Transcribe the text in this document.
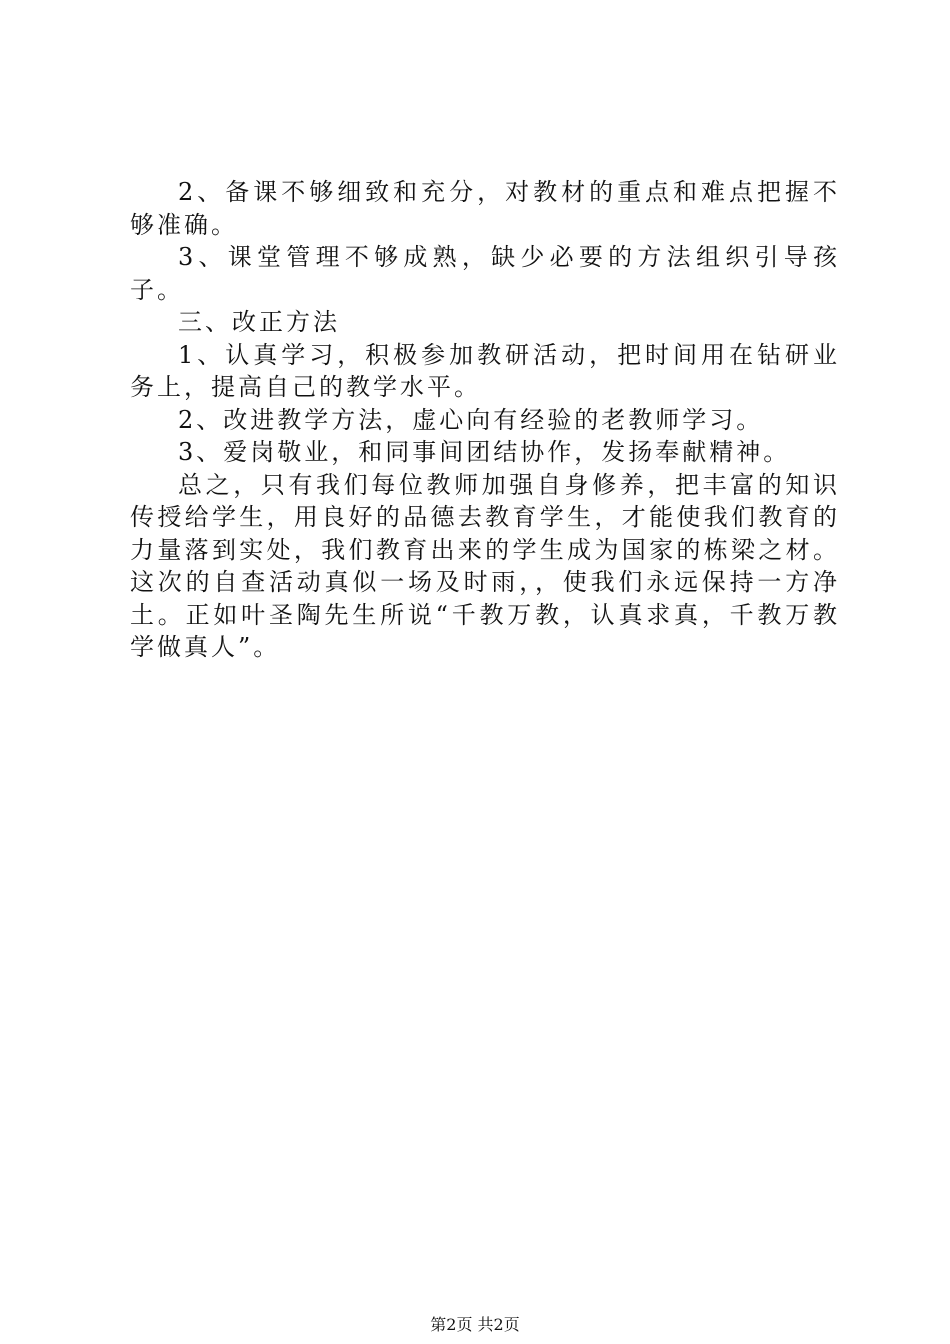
2、备课不够细致和充分，对教材的重点和难点把握不够准确。

3、课堂管理不够成熟，缺少必要的方法组织引导孩子。

三、改正方法

1、认真学习，积极参加教研活动，把时间用在钻研业务上，提高自己的教学水平。

2、改进教学方法，虚心向有经验的老教师学习。

3、爱岗敬业，和同事间团结协作，发扬奉献精神。

总之，只有我们每位教师加强自身修养，把丰富的知识传授给学生，用良好的品德去教育学生，才能使我们教育的力量落到实处，我们教育出来的学生成为国家的栋梁之材。这次的自查活动真似一场及时雨，，使我们永远保持一方净土。正如叶圣陶先生所说“千教万教，认真求真，千教万教学做真人”。

第2页 共2页
